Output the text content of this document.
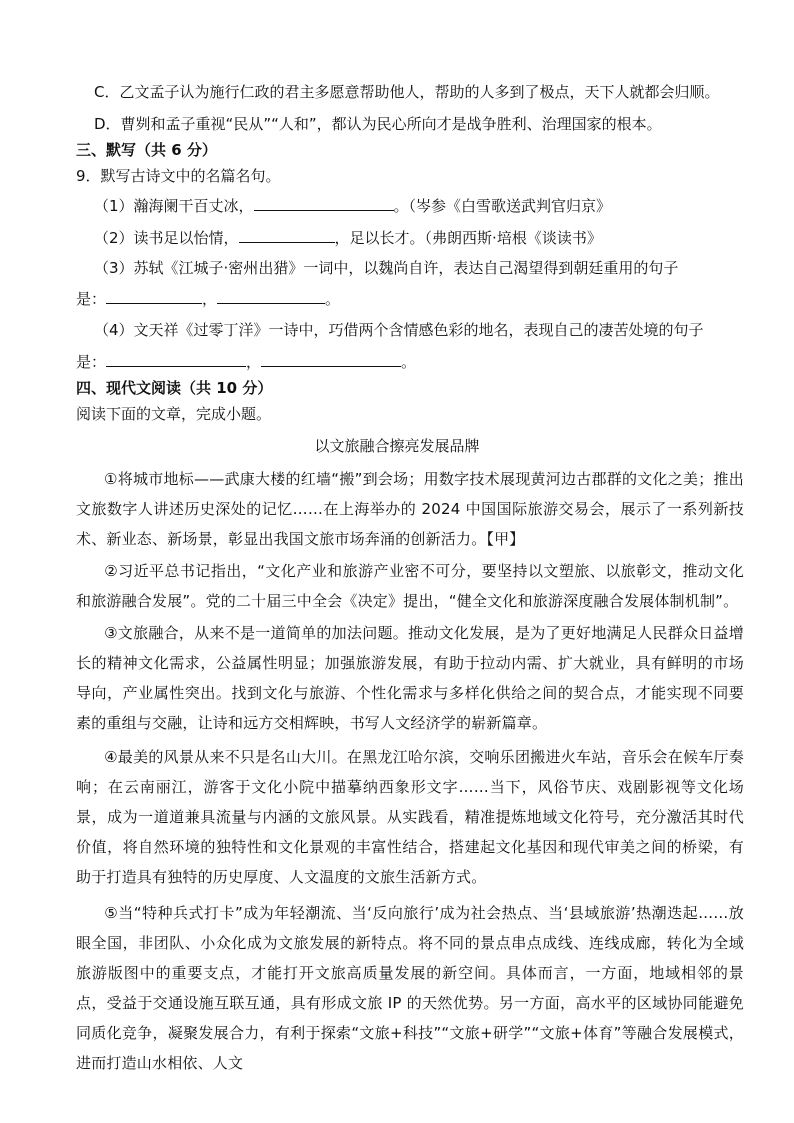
C．乙文孟子认为施行仁政的君主多愿意帮助他人，帮助的人多到了极点，天下人就都会归顺。
D．曹刿和孟子重视“民从”“人和”，都认为民心所向才是战争胜利、治理国家的根本。
三、默写（共 6 分）
9．默写古诗文中的名篇名句。
（1）瀚海阑干百丈冰，	。（岑参《白雪歌送武判官归京》
（2）读书足以怡情，	，足以长才。（弗朗西斯·培根《谈读书》
（3）苏轼《江城子·密州出猎》一词中，以魏尚自许，表达自己渴望得到朝廷重用的句子
是：	，	。
（4）文天祥《过零丁洋》一诗中，巧借两个含情感色彩的地名，表现自己的凄苦处境的句子
是：	，	。
四、现代文阅读（共 10 分）
阅读下面的文章，完成小题。
以文旅融合擦亮发展品牌
①将城市地标——武康大楼的红墙“搬”到会场；用数字技术展现黄河边古郡群的文化之美；推出文旅数字人讲述历史深处的记忆……在上海举办的 2024 中国国际旅游交易会，展示了一系列新技术、新业态、新场景，彰显出我国文旅市场奔涌的创新活力。【甲】
②习近平总书记指出，“文化产业和旅游产业密不可分，要坚持以文塑旅、以旅彰文，推动文化和旅游融合发展”。党的二十届三中全会《决定》提出，“健全文化和旅游深度融合发展体制机制”。
③文旅融合，从来不是一道简单的加法问题。推动文化发展，是为了更好地满足人民群众日益增长的精神文化需求，公益属性明显；加强旅游发展，有助于拉动内需、扩大就业，具有鲜明的市场导向，产业属性突出。找到文化与旅游、个性化需求与多样化供给之间的契合点，才能实现不同要素的重组与交融，让诗和远方交相辉映，书写人文经济学的崭新篇章。
④最美的风景从来不只是名山大川。在黑龙江哈尔滨，交响乐团搬进火车站，音乐会在候车厅奏响；在云南丽江，游客于文化小院中描摹纳西象形文字……当下，风俗节庆、戏剧影视等文化场景，成为一道道兼具流量与内涵的文旅风景。从实践看，精准提炼地域文化符号，充分激活其时代价值，将自然环境的独特性和文化景观的丰富性结合，搭建起文化基因和现代审美之间的桥梁，有助于打造具有独特的历史厚度、人文温度的文旅生活新方式。
⑤当“特种兵式打卡”成为年轻潮流、当‘反向旅行’成为社会热点、当‘县域旅游’热潮迭起……放眼全国，非团队、小众化成为文旅发展的新特点。将不同的景点串点成线、连线成廊，转化为全域旅游版图中的重要支点，才能打开文旅高质量发展的新空间。具体而言，一方面，地域相邻的景点，受益于交通设施互联互通，具有形成文旅 IP 的天然优势。另一方面，高水平的区域协同能避免同质化竞争，凝聚发展合力，有利于探索“文旅+科技”“文旅+研学”“文旅+体育”等融合发展模式，进而打造山水相依、人文
